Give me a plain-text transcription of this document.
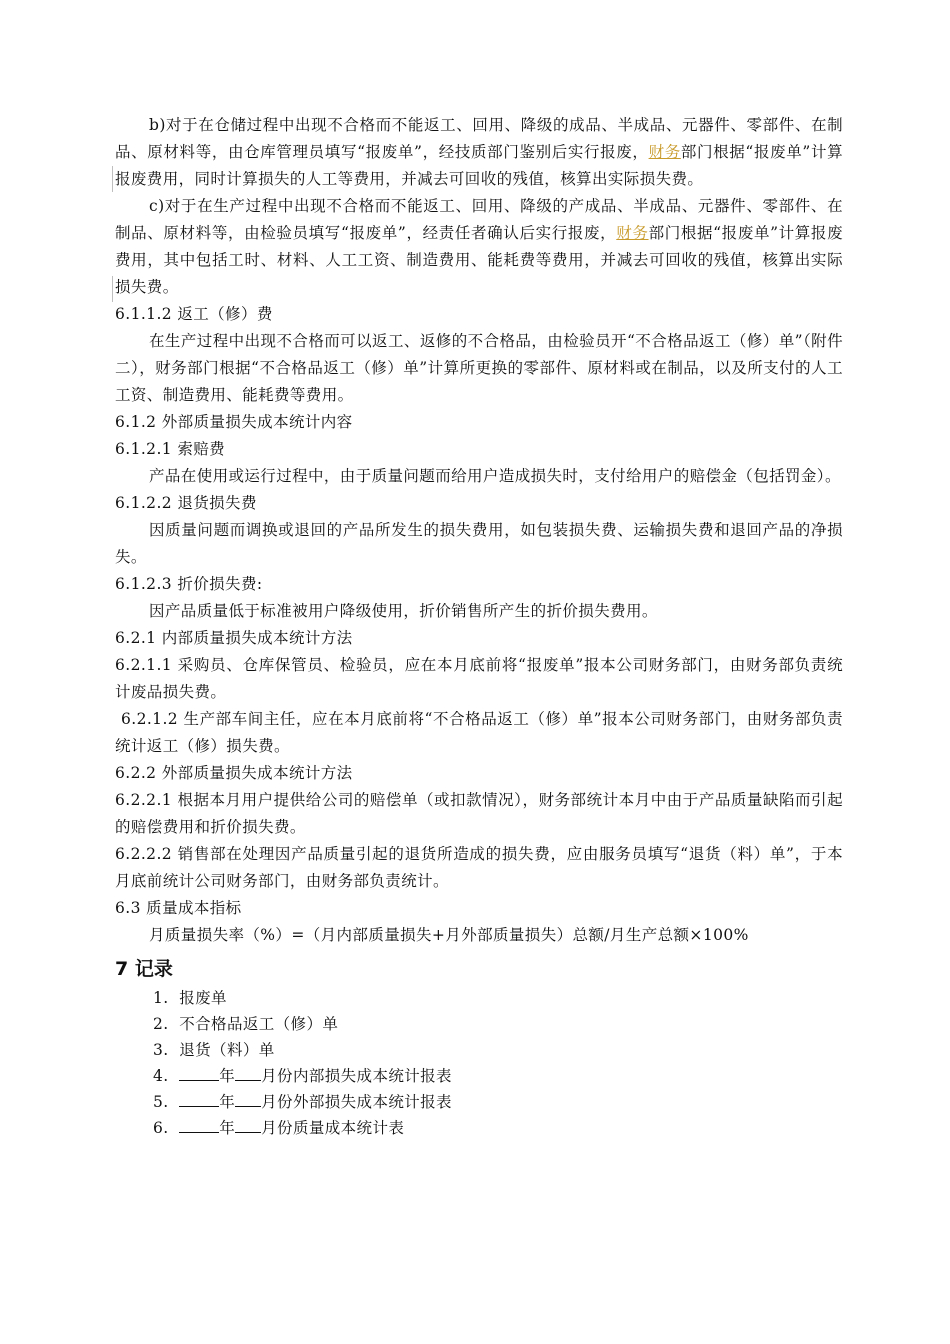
b)对于在仓储过程中出现不合格而不能返工、回用、降级的成品、半成品、元器件、零部件、在制品、原材料等，由仓库管理员填写“报废单”，经技质部门鉴别后实行报废，财务部门根据“报废单”计算报废费用，同时计算损失的人工等费用，并减去可回收的残值，核算出实际损失费。

c)对于在生产过程中出现不合格而不能返工、回用、降级的产成品、半成品、元器件、零部件、在制品、原材料等，由检验员填写“报废单”，经责任者确认后实行报废，财务部门根据“报废单”计算报废费用，其中包括工时、材料、人工工资、制造费用、能耗费等费用，并减去可回收的残值，核算出实际损失费。

6.1.1.2 返工（修）费

在生产过程中出现不合格而可以返工、返修的不合格品，由检验员开“不合格品返工（修）单”（附件二），财务部门根据“不合格品返工（修）单”计算所更换的零部件、原材料或在制品，以及所支付的人工工资、制造费用、能耗费等费用。

6.1.2 外部质量损失成本统计内容

6.1.2.1 索赔费

产品在使用或运行过程中，由于质量问题而给用户造成损失时，支付给用户的赔偿金（包括罚金）。

6.1.2.2 退货损失费

因质量问题而调换或退回的产品所发生的损失费用，如包装损失费、运输损失费和退回产品的净损失。

6.1.2.3 折价损失费:

因产品质量低于标准被用户降级使用，折价销售所产生的折价损失费用。

6.2.1 内部质量损失成本统计方法

6.2.1.1 采购员、仓库保管员、检验员，应在本月底前将“报废单”报本公司财务部门，由财务部负责统计废品损失费。

6.2.1.2 生产部车间主任，应在本月底前将“不合格品返工（修）单”报本公司财务部门，由财务部负责统计返工（修）损失费。

6.2.2 外部质量损失成本统计方法

6.2.2.1 根据本月用户提供给公司的赔偿单（或扣款情况），财务部统计本月中由于产品质量缺陷而引起的赔偿费用和折价损失费。

6.2.2.2 销售部在处理因产品质量引起的退货所造成的损失费，应由服务员填写“退货（料）单”，于本月底前统计公司财务部门，由财务部负责统计。

6.3 质量成本指标

月质量损失率（%）=（月内部质量损失+月外部质量损失）总额/月生产总额×100%

7 记录
1. 报废单
2. 不合格品返工（修）单
3. 退货（料）单
4.	年 月份内部损失成本统计报表
5.	年 月份外部损失成本统计报表
6.	年 月份质量成本统计表
